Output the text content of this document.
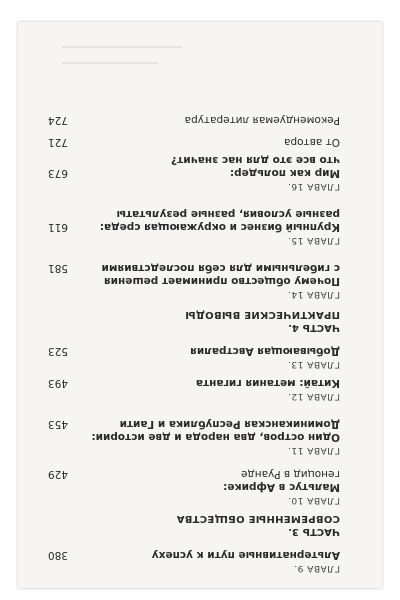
ГЛАВА 9.
Альтернативные пути к успеху
380
ЧАСТЬ 3.
СОВРЕМЕННЫЕ ОБЩЕСТВА
ГЛАВА 10.
Мальтус в Африке:
геноцид в Руанде
429
ГЛАВА 11.
Один остров, два народа и две истории:
Доминиканская Республика и Гаити
453
ГЛАВА 12.
Китай: метания гиганта
493
ГЛАВА 13.
Добывающая Австралия
523
ЧАСТЬ 4.
ПРАКТИЧЕСКИЕ ВЫВОДЫ
ГЛАВА 14.
Почему общество принимает решения
с гибельными для себя последствиями
581
ГЛАВА 15.
Крупный бизнес и окружающая среда:
разные условия, разные результаты
611
ГЛАВА 16.
Мир как польдер:
что все это для нас значит?
673
От автора
721
Рекомендуемая литература
724
